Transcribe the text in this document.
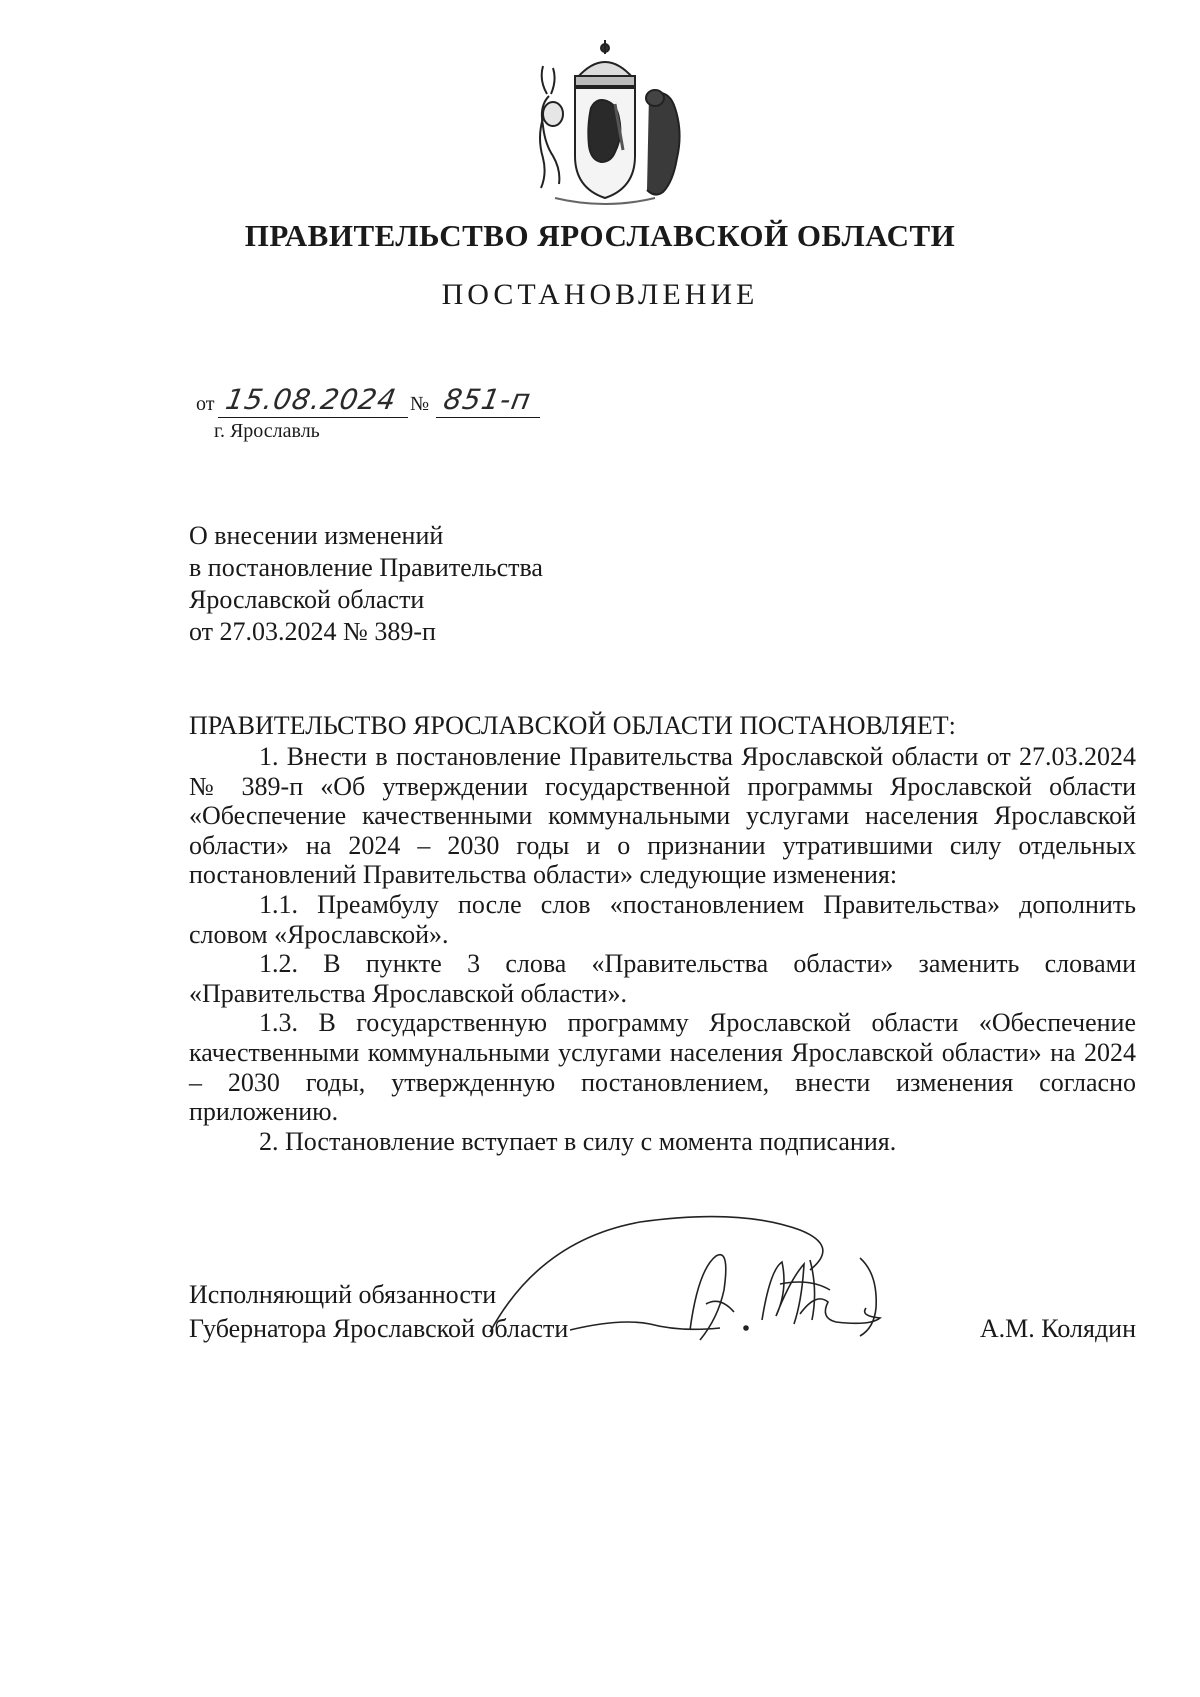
ПРАВИТЕЛЬСТВО ЯРОСЛАВСКОЙ ОБЛАСТИ
ПОСТАНОВЛЕНИЕ
от 15.08.2024 № 851-п
г. Ярославль
О внесении изменений
в постановление Правительства
Ярославской области
от 27.03.2024 № 389-п
ПРАВИТЕЛЬСТВО ЯРОСЛАВСКОЙ ОБЛАСТИ ПОСТАНОВЛЯЕТ:

1. Внести в постановление Правительства Ярославской области от 27.03.2024 № 389-п «Об утверждении государственной программы Ярославской области «Обеспечение качественными коммунальными услугами населения Ярославской области» на 2024 – 2030 годы и о признании утратившими силу отдельных постановлений Правительства области» следующие изменения:

1.1. Преамбулу после слов «постановлением Правительства» дополнить словом «Ярославской».

1.2. В пункте 3 слова «Правительства области» заменить словами «Правительства Ярославской области».

1.3. В государственную программу Ярославской области «Обеспечение качественными коммунальными услугами населения Ярославской области» на 2024 – 2030 годы, утвержденную постановлением, внести изменения согласно приложению.

2. Постановление вступает в силу с момента подписания.

Исполняющий обязанности
Губернатора Ярославской области	А.М. Колядин
